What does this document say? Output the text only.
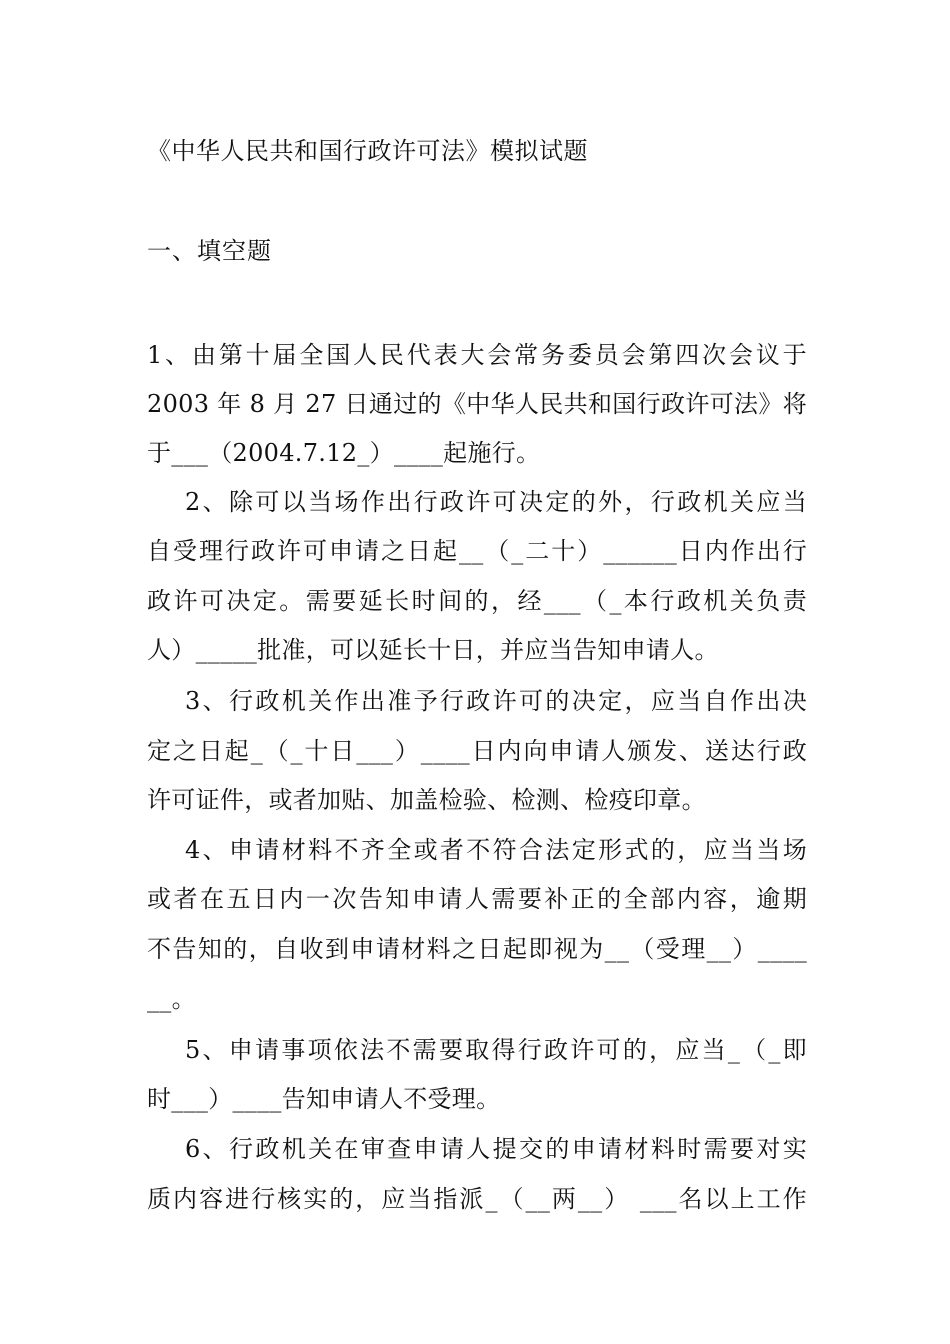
《中华人民共和国行政许可法》模拟试题
一、填空题
1、由第十届全国人民代表大会常务委员会第四次会议于
2003 年 8 月 27 日通过的《中华人民共和国行政许可法》将
于___（2004.7.12_）____起施行。
2、除可以当场作出行政许可决定的外，行政机关应当
自受理行政许可申请之日起__（_二十）______日内作出行
政许可决定。需要延长时间的，经___（_本行政机关负责
人）_____批准，可以延长十日，并应当告知申请人。
3、行政机关作出准予行政许可的决定，应当自作出决
定之日起_（_十日___）____日内向申请人颁发、送达行政
许可证件，或者加贴、加盖检验、检测、检疫印章。
4、申请材料不齐全或者不符合法定形式的，应当当场
或者在五日内一次告知申请人需要补正的全部内容，逾期
不告知的，自收到申请材料之日起即视为__（受理__）____
__。
5、申请事项依法不需要取得行政许可的，应当_（_即
时___）____告知申请人不受理。
6、行政机关在审查申请人提交的申请材料时需要对实
质内容进行核实的，应当指派_（__两__） ___名以上工作
